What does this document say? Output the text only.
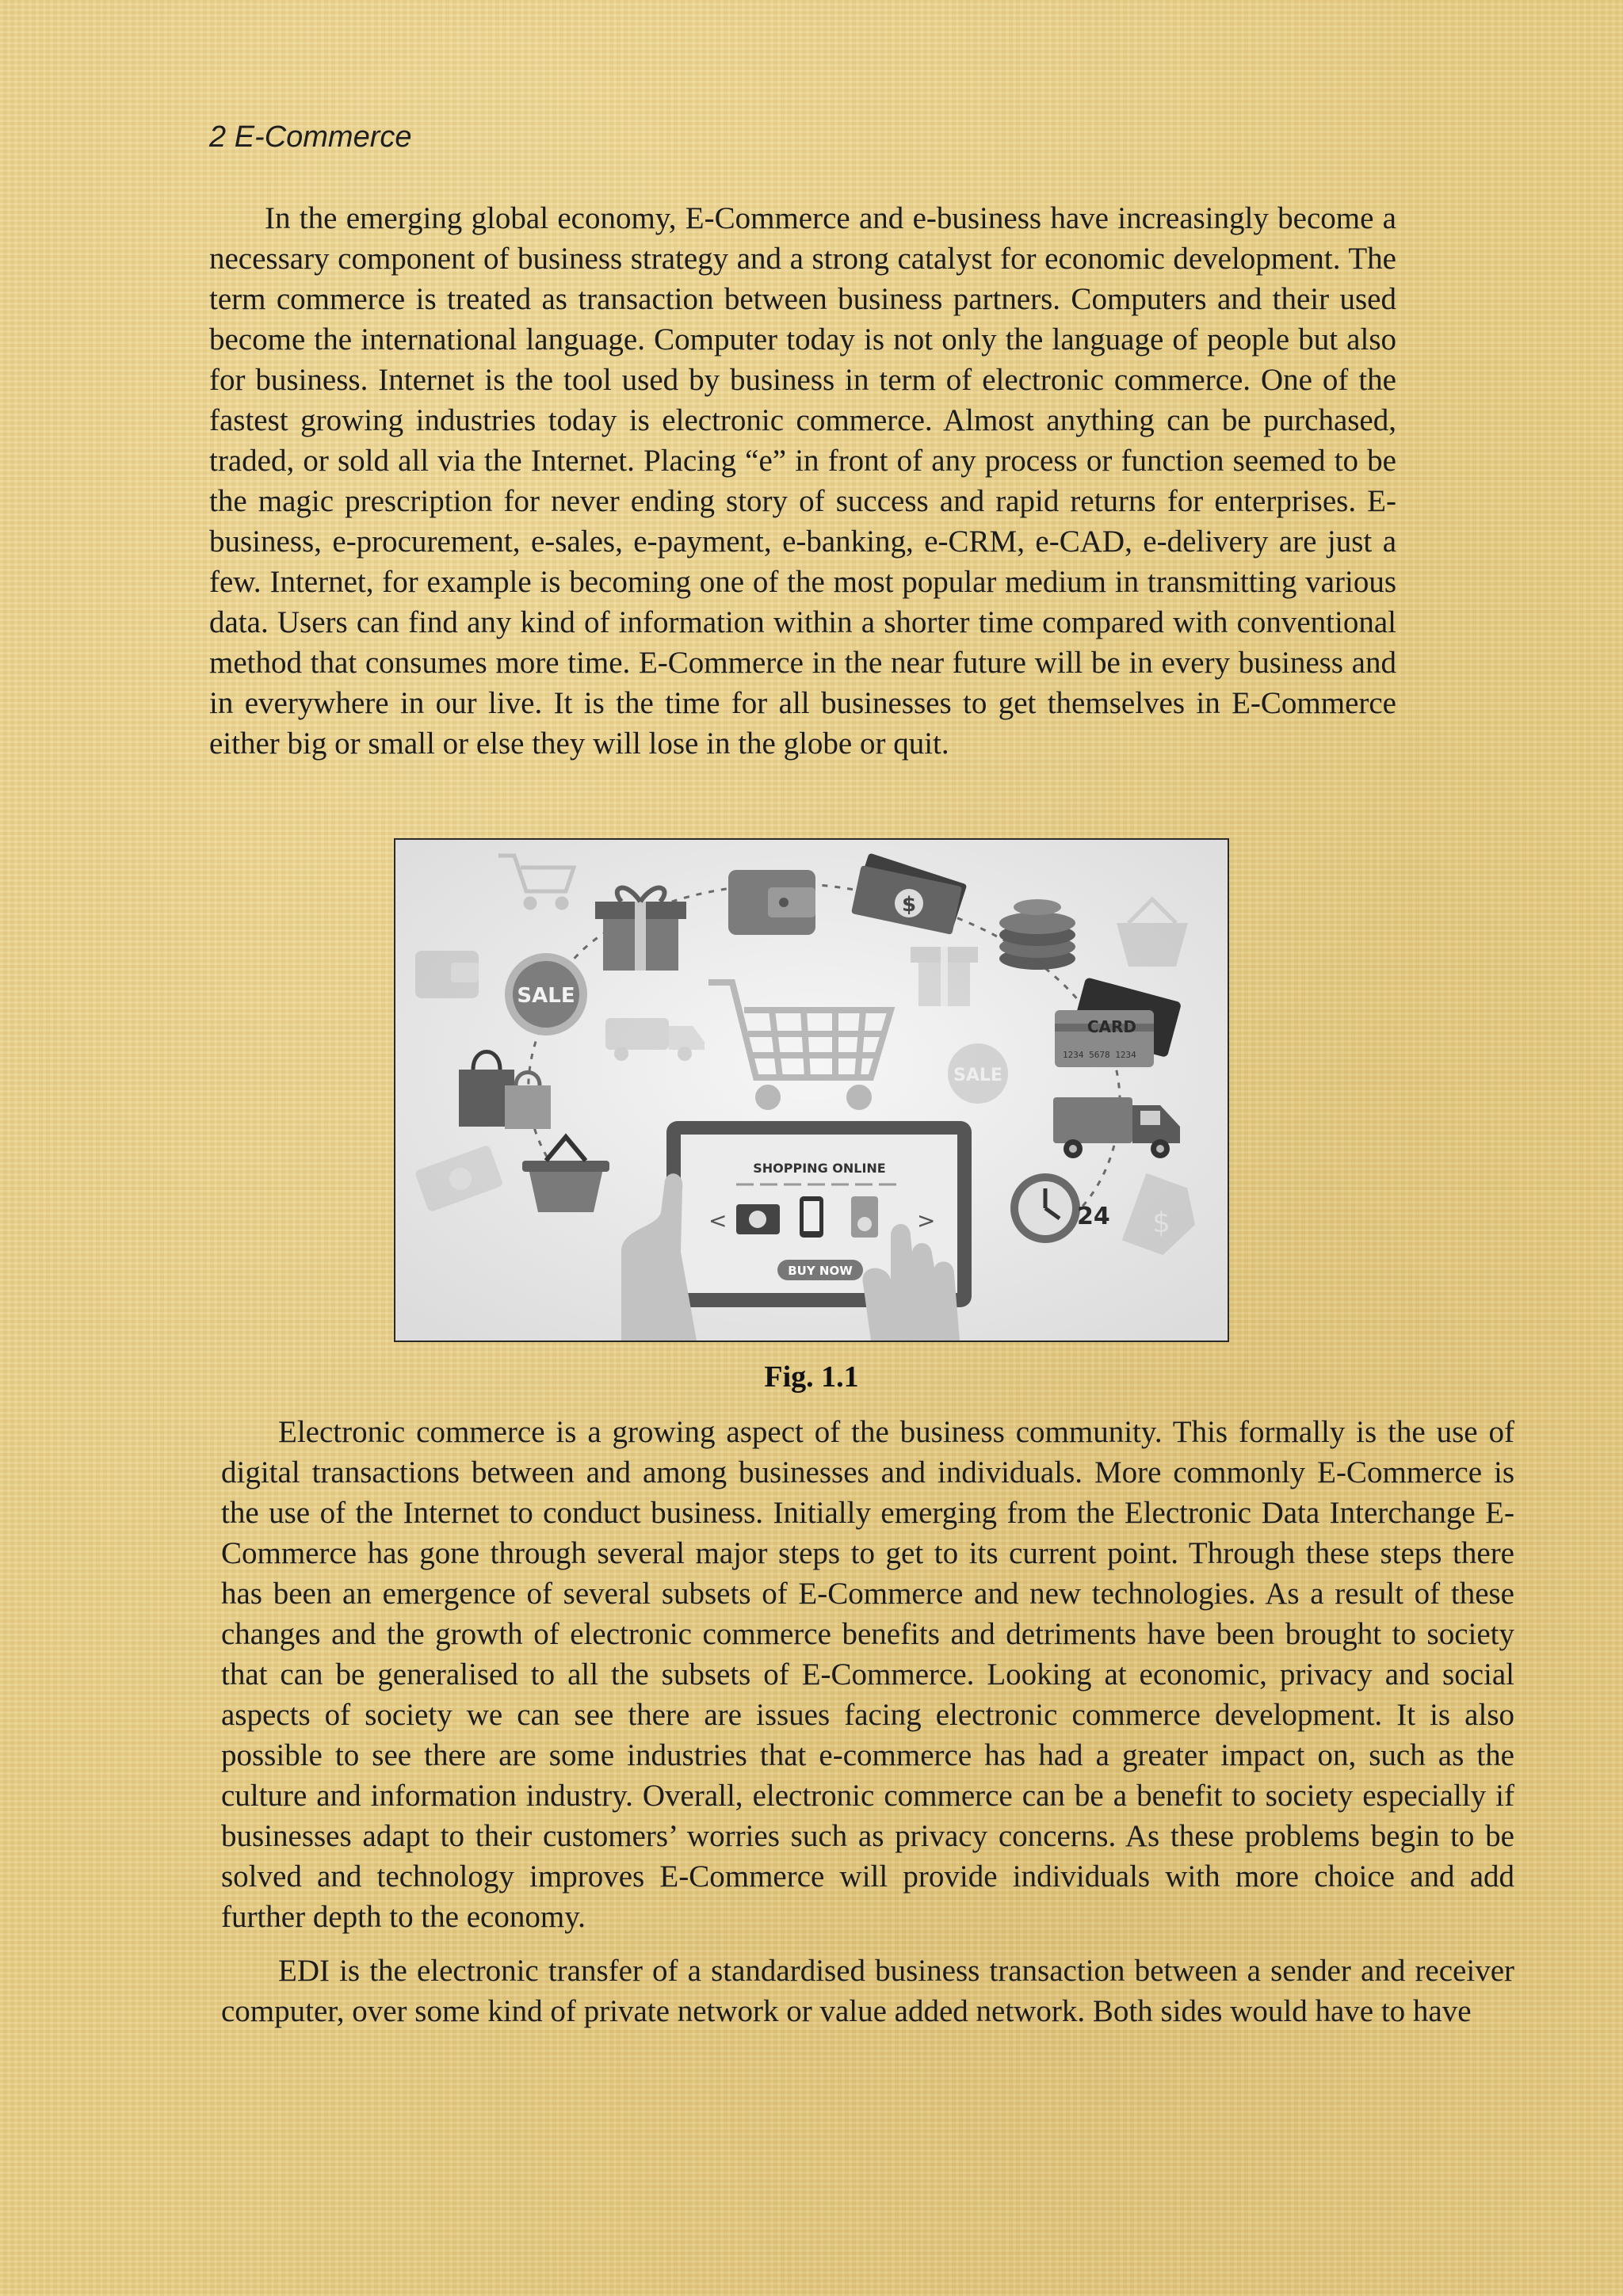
2 E-Commerce

In the emerging global economy, E-Commerce and e-business have increasingly become a necessary component of business strategy and a strong catalyst for economic development. The term commerce is treated as transaction between business partners. Computers and their used become the international language. Computer today is not only the language of people but also for business. Internet is the tool used by business in term of electronic commerce. One of the fastest growing industries today is electronic commerce. Almost anything can be purchased, traded, or sold all via the Internet. Placing “e” in front of any process or function seemed to be the magic prescription for never ending story of success and rapid returns for enterprises. E-business, e-procurement, e-sales, e-payment, e-banking, e-CRM, e-CAD, e-delivery are just a few. Internet, for example is becoming one of the most popular medium in transmitting various data. Users can find any kind of information within a shorter time compared with conventional method that consumes more time. E-Commerce in the near future will be in every business and in everywhere in our live. It is the time for all businesses to get themselves in E-Commerce either big or small or else they will lose in the globe or quit.

$
SALE
$
SALE
CARD
1234 5678 1234
24
SHOPPING ONLINE
<	>
BUY NOW

Fig. 1.1

Electronic commerce is a growing aspect of the business community. This formally is the use of digital transactions between and among businesses and individuals. More commonly E-Commerce is the use of the Internet to conduct business. Initially emerging from the Electronic Data Interchange E-Commerce has gone through several major steps to get to its current point. Through these steps there has been an emergence of several subsets of E-Commerce and new technologies. As a result of these changes and the growth of electronic commerce benefits and detriments have been brought to society that can be generalised to all the subsets of E-Commerce. Looking at economic, privacy and social aspects of society we can see there are issues facing electronic commerce development. It is also possible to see there are some industries that e-commerce has had a greater impact on, such as the culture and information industry. Overall, electronic commerce can be a benefit to society especially if businesses adapt to their customers’ worries such as privacy concerns. As these problems begin to be solved and technology improves E-Commerce will provide individuals with more choice and add further depth to the economy.

EDI is the electronic transfer of a standardised business transaction between a sender and receiver computer, over some kind of private network or value added network. Both sides would have to have
